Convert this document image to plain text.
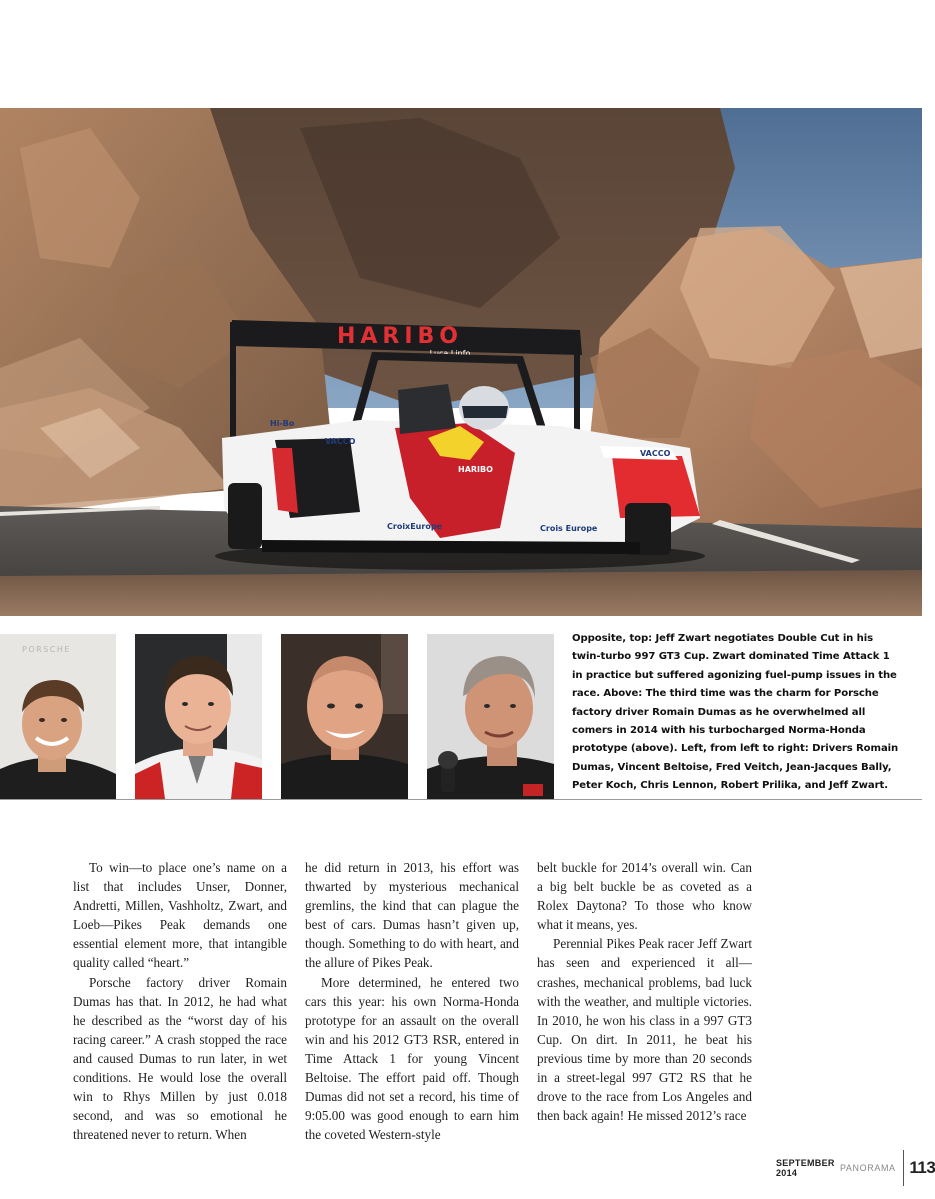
HARIBO
Luca Linfo
Hi-Bo
VACCO
VACCO
CroixEurope	Crois Europe
HARIBO
PORSCHE
Opposite, top: Jeff Zwart negotiates Double Cut in his twin-turbo 997 GT3 Cup. Zwart dominated Time Attack 1 in practice but suffered agonizing fuel-pump issues in the race. Above: The third time was the charm for Porsche factory driver Romain Dumas as he overwhelmed all comers in 2014 with his turbocharged Norma-Honda prototype (above). Left, from left to right: Drivers Romain Dumas, Vincent Beltoise, Fred Veitch, Jean-Jacques Bally, Peter Koch, Chris Lennon, Robert Prilika, and Jeff Zwart.

To win—to place one’s name on a list that includes Unser, Donner, Andretti, Millen, Vashholtz, Zwart, and Loeb—Pikes Peak demands one essential element more, that intangible quality called “heart.”

Porsche factory driver Romain Dumas has that. In 2012, he had what he described as the “worst day of his racing career.” A crash stopped the race and caused Dumas to run later, in wet conditions. He would lose the overall win to Rhys Millen by just 0.018 second, and was so emotional he threatened never to return. When

he did return in 2013, his effort was thwarted by mysterious mechanical gremlins, the kind that can plague the best of cars. Dumas hasn’t given up, though. Something to do with heart, and the allure of Pikes Peak.

More determined, he entered two cars this year: his own Norma-Honda prototype for an assault on the overall win and his 2012 GT3 RSR, entered in Time Attack 1 for young Vincent Beltoise. The effort paid off. Though Dumas did not set a record, his time of 9:05.00 was good enough to earn him the coveted Western-style

belt buckle for 2014’s overall win. Can a big belt buckle be as coveted as a Rolex Daytona? To those who know what it means, yes.

Perennial Pikes Peak racer Jeff Zwart has seen and experienced it all—crashes, mechanical problems, bad luck with the weather, and multiple victories. In 2010, he won his class in a 997 GT3 Cup. On dirt. In 2011, he beat his previous time by more than 20 seconds in a street-legal 997 GT2 RS that he drove to the race from Los Angeles and then back again! He missed 2012’s race

SEPTEMBER 2014	PANORAMA 113
